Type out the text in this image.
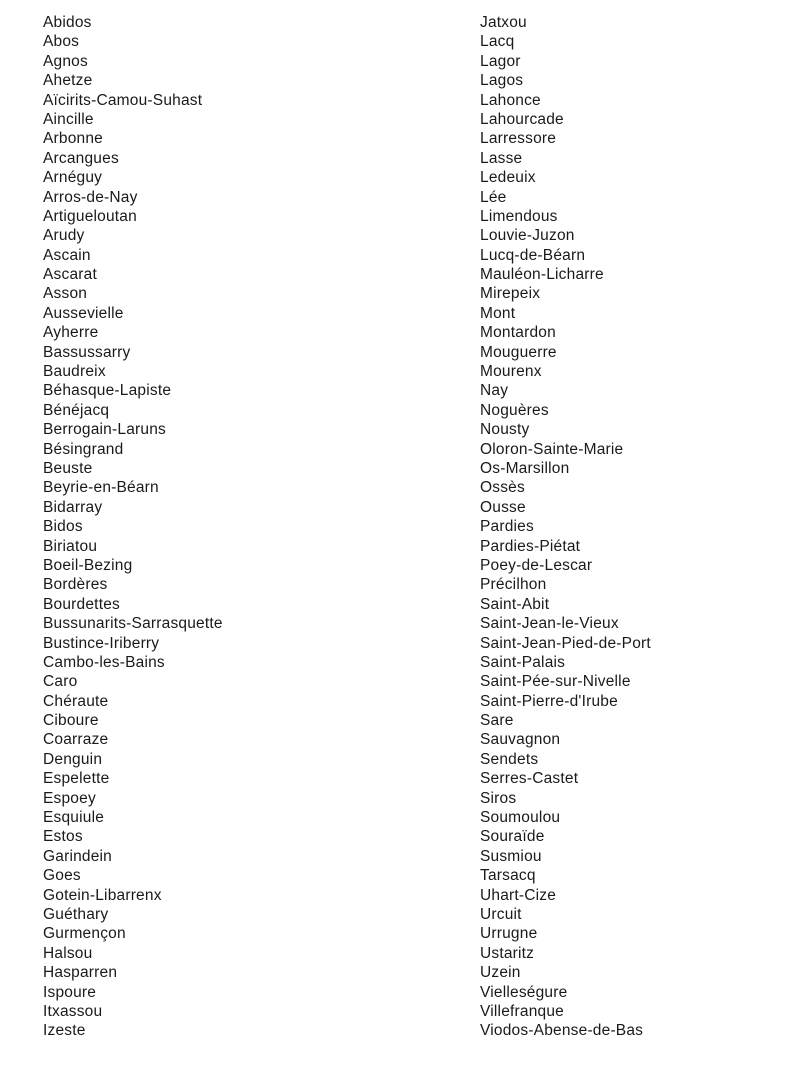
Abidos
Abos
Agnos
Ahetze
Aïcirits-Camou-Suhast
Aincille
Arbonne
Arcangues
Arnéguy
Arros-de-Nay
Artigueloutan
Arudy
Ascain
Ascarat
Asson
Aussevielle
Ayherre
Bassussarry
Baudreix
Béhasque-Lapiste
Bénéjacq
Berrogain-Laruns
Bésingrand
Beuste
Beyrie-en-Béarn
Bidarray
Bidos
Biriatou
Boeil-Bezing
Bordères
Bourdettes
Bussunarits-Sarrasquette
Bustince-Iriberry
Cambo-les-Bains
Caro
Chéraute
Ciboure
Coarraze
Denguin
Espelette
Espoey
Esquiule
Estos
Garindein
Goes
Gotein-Libarrenx
Guéthary
Gurmençon
Halsou
Hasparren
Ispoure
Itxassou
Izeste
Jatxou
Lacq
Lagor
Lagos
Lahonce
Lahourcade
Larressore
Lasse
Ledeuix
Lée
Limendous
Louvie-Juzon
Lucq-de-Béarn
Mauléon-Licharre
Mirepeix
Mont
Montardon
Mouguerre
Mourenx
Nay
Noguères
Nousty
Oloron-Sainte-Marie
Os-Marsillon
Ossès
Ousse
Pardies
Pardies-Piétat
Poey-de-Lescar
Précilhon
Saint-Abit
Saint-Jean-le-Vieux
Saint-Jean-Pied-de-Port
Saint-Palais
Saint-Pée-sur-Nivelle
Saint-Pierre-d'Irube
Sare
Sauvagnon
Sendets
Serres-Castet
Siros
Soumoulou
Souraïde
Susmiou
Tarsacq
Uhart-Cize
Urcuit
Urrugne
Ustaritz
Uzein
Vielleségure
Villefranque
Viodos-Abense-de-Bas
